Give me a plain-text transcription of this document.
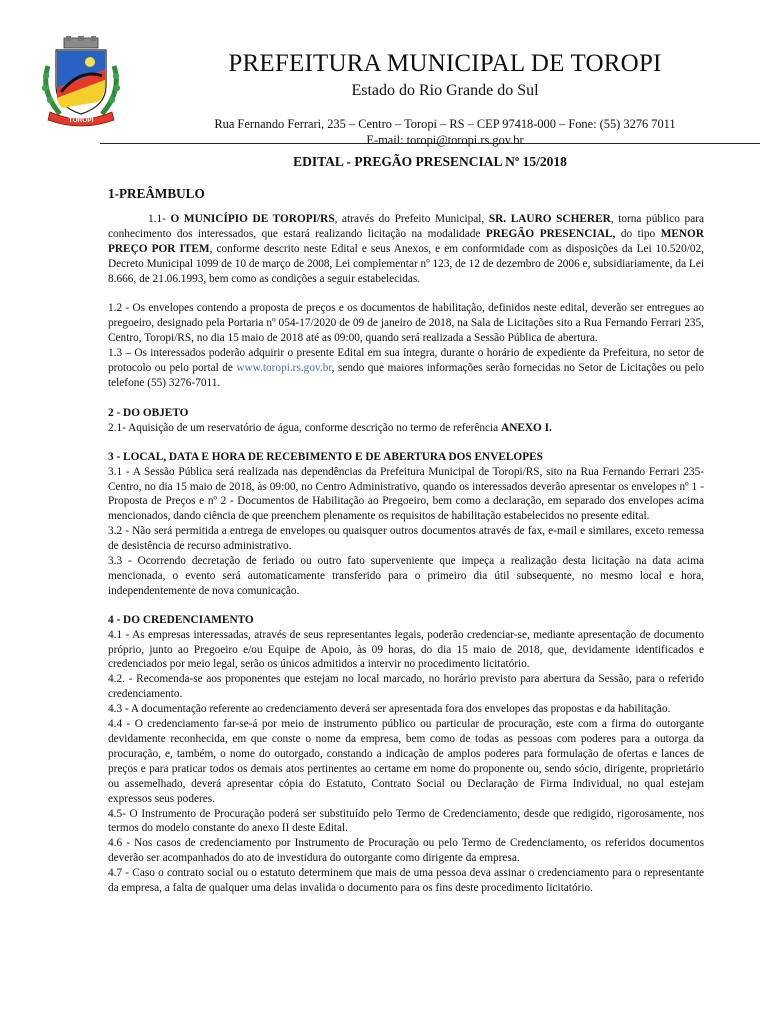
TOROPI
PREFEITURA MUNICIPAL DE TOROPI
Estado do Rio Grande do Sul
Rua Fernando Ferrari, 235 – Centro – Toropi – RS – CEP 97418-000 – Fone: (55) 3276 7011
E-mail: toropi@toropi.rs.gov.br
EDITAL - PREGÃO PRESENCIAL Nº 15/2018

1-PREÂMBULO

1.1- O MUNICÍPIO DE TOROPI/RS, através do Prefeito Municipal, SR. LAURO SCHERER, torna público para conhecimento dos interessados, que estará realizando licitação na modalidade PREGÃO PRESENCIAL, do tipo MENOR PREÇO POR ITEM, conforme descrito neste Edital e seus Anexos, e em conformidade com as disposições da Lei 10.520/02, Decreto Municipal 1099 de 10 de março de 2008, Lei complementar nº 123, de 12 de dezembro de 2006 e, subsidiariamente, da Lei 8.666, de 21.06.1993, bem como as condições a seguir estabelecidas.

1.2 - Os envelopes contendo a proposta de preços e os documentos de habilitação, definidos neste edital, deverão ser entregues ao pregoeiro, designado pela Portaria nº 054-17/2020 de 09 de janeiro de 2018, na Sala de Licitações sito a Rua Fernando Ferrari 235, Centro, Toropi/RS, no dia 15 maio de 2018 até as 09:00, quando será realizada a Sessão Pública de abertura.

1.3 – Os interessados poderão adquirir o presente Edital em sua íntegra, durante o horário de expediente da Prefeitura, no setor de protocolo ou pelo portal de www.toropi.rs.gov.br, sendo que maiores informações serão fornecidas no Setor de Licitações ou pelo telefone (55) 3276-7011.

2 - DO OBJETO

2.1- Aquisição de um reservatório de água, conforme descrição no termo de referência ANEXO I.

3 - LOCAL, DATA E HORA DE RECEBIMENTO E DE ABERTURA DOS ENVELOPES

3.1 - A Sessão Pública será realizada nas dependências da Prefeitura Municipal de Toropi/RS, sito na Rua Fernando Ferrari 235- Centro, no dia 15 maio de 2018, às 09:00, no Centro Administrativo, quando os interessados deverão apresentar os envelopes nº 1 - Proposta de Preços e nº 2 - Documentos de Habilitação ao Pregoeiro, bem como a declaração, em separado dos envelopes acima mencionados, dando ciência de que preenchem plenamente os requisitos de habilitação estabelecidos no presente edital.

3.2 - Não será permitida a entrega de envelopes ou quaisquer outros documentos através de fax, e-mail e similares, exceto remessa de desistência de recurso administrativo.

3.3 - Ocorrendo decretação de feriado ou outro fato superveniente que impeça a realização desta licitação na data acima mencionada, o evento será automaticamente transferido para o primeiro dia útil subsequente, no mesmo local e hora, independentemente de nova comunicação.

4 - DO CREDENCIAMENTO

4.1 - As empresas interessadas, através de seus representantes legais, poderão credenciar-se, mediante apresentação de documento próprio, junto ao Pregoeiro e/ou Equipe de Apoio, às 09 horas, do dia 15 maio de 2018, que, devidamente identificados e credenciados por meio legal, serão os únicos admitidos a intervir no procedimento licitatório.

4.2. - Recomenda-se aos proponentes que estejam no local marcado, no horário previsto para abertura da Sessão, para o referido credenciamento.

4.3 - A documentação referente ao credenciamento deverá ser apresentada fora dos envelopes das propostas e da habilitação.

4.4 - O credenciamento far-se-á por meio de instrumento público ou particular de procuração, este com a firma do outorgante devidamente reconhecida, em que conste o nome da empresa, bem como de todas as pessoas com poderes para a outorga da procuração, e, também, o nome do outorgado, constando a indicação de amplos poderes para formulação de ofertas e lances de preços e para praticar todos os demais atos pertinentes ao certame em nome do proponente ou, sendo sócio, dirigente, proprietário ou assemelhado, deverá apresentar cópia do Estatuto, Contrato Social ou Declaração de Firma Individual, no qual estejam expressos seus poderes.

4.5- O Instrumento de Procuração poderá ser substituído pelo Termo de Credenciamento, desde que redigido, rigorosamente, nos termos do modelo constante do anexo II deste Edital.

4.6 - Nos casos de credenciamento por Instrumento de Procuração ou pelo Termo de Credenciamento, os referidos documentos deverão ser acompanhados do ato de investidura do outorgante como dirigente da empresa.

4.7 - Caso o contrato social ou o estatuto determinem que mais de uma pessoa deva assinar o credenciamento para o representante da empresa, a falta de qualquer uma delas invalida o documento para os fins deste procedimento licitatório.
